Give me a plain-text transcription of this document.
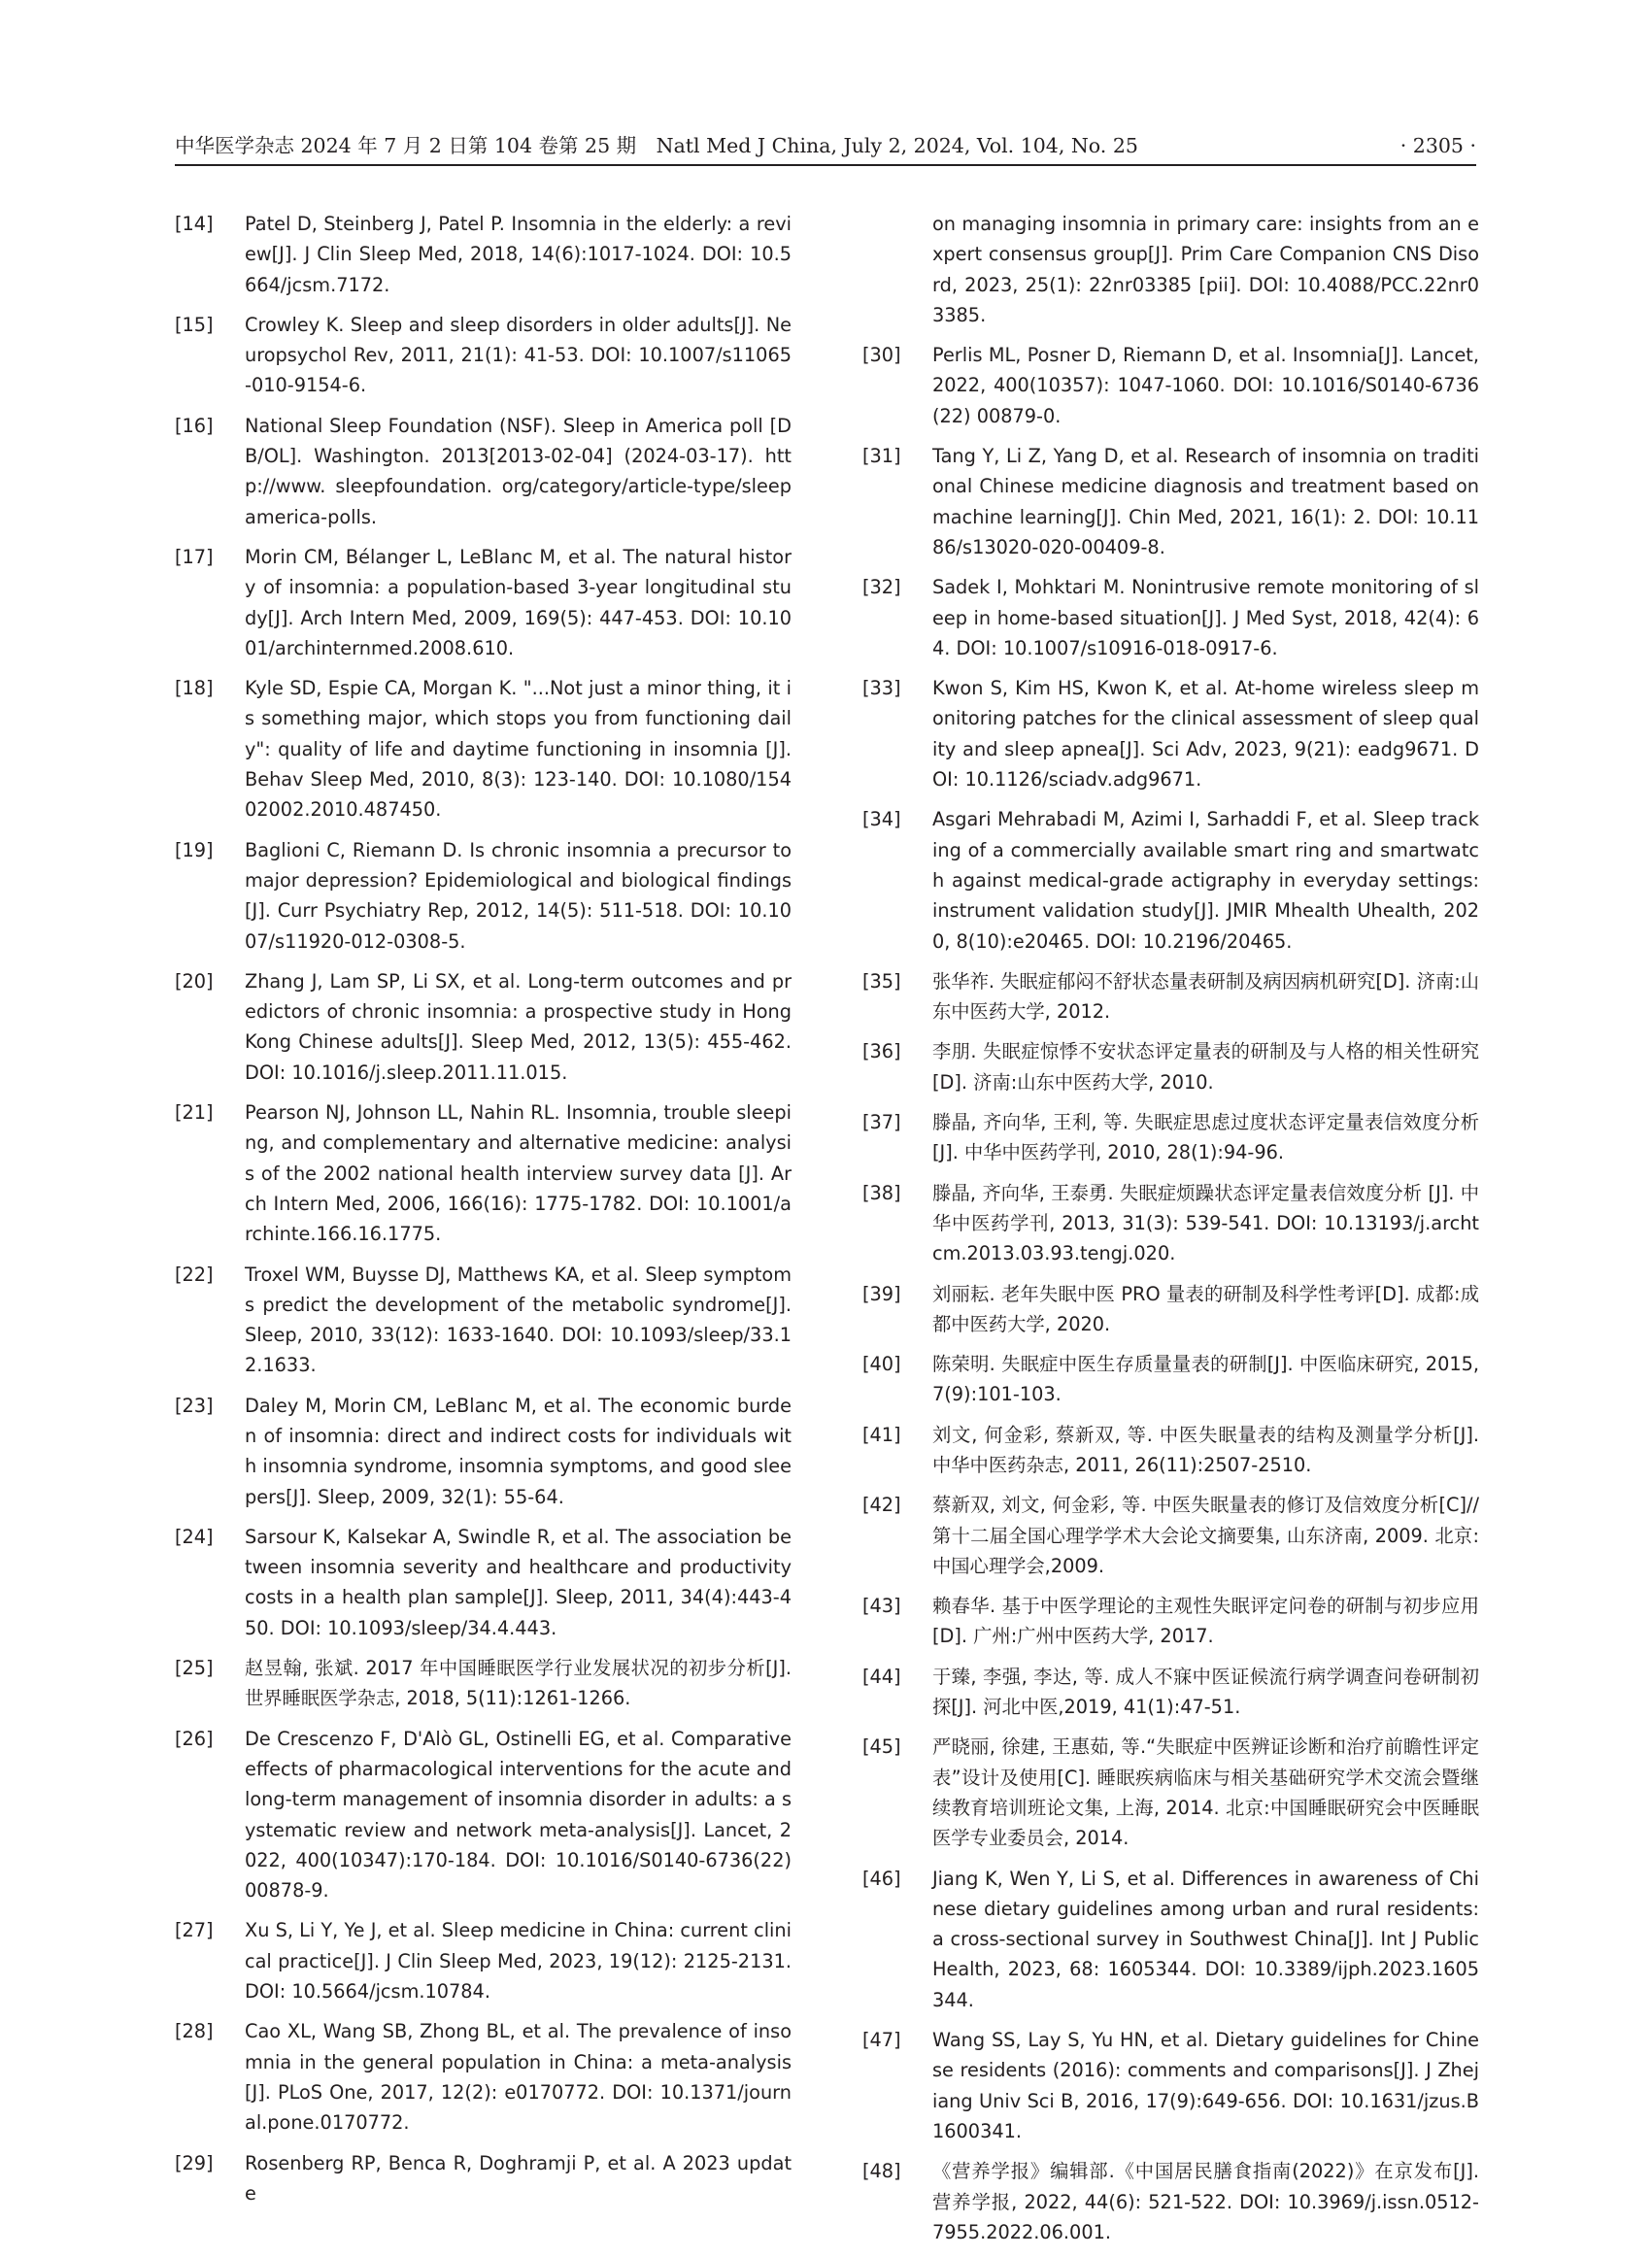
中华医学杂志 2024 年 7 月 2 日第 104 卷第 25 期　Natl Med J China, July 2, 2024, Vol. 104, No. 25	· 2305 ·
[14]	Patel D, Steinberg J, Patel P. Insomnia in the elderly: a review[J]. J Clin Sleep Med, 2018, 14(6):1017-1024. DOI: 10.5664/jcsm.7172.
[15]	Crowley K. Sleep and sleep disorders in older adults[J]. Neuropsychol Rev, 2011, 21(1): 41-53. DOI: 10.1007/s11065-010-9154-6.
[16]	National Sleep Foundation (NSF). Sleep in America poll [DB/OL]. Washington. 2013[2013-02-04] (2024-03-17). http://www. sleepfoundation. org/category/article-type/sleepamerica-polls.
[17]	Morin CM, Bélanger L, LeBlanc M, et al. The natural history of insomnia: a population-based 3-year longitudinal study[J]. Arch Intern Med, 2009, 169(5): 447-453. DOI: 10.1001/archinternmed.2008.610.
[18]	Kyle SD, Espie CA, Morgan K. "...Not just a minor thing, it is something major, which stops you from functioning daily": quality of life and daytime functioning in insomnia [J]. Behav Sleep Med, 2010, 8(3): 123-140. DOI: 10.1080/15402002.2010.487450.
[19]	Baglioni C, Riemann D. Is chronic insomnia a precursor to major depression? Epidemiological and biological findings[J]. Curr Psychiatry Rep, 2012, 14(5): 511-518. DOI: 10.1007/s11920-012-0308-5.
[20]	Zhang J, Lam SP, Li SX, et al. Long-term outcomes and predictors of chronic insomnia: a prospective study in Hong Kong Chinese adults[J]. Sleep Med, 2012, 13(5): 455-462. DOI: 10.1016/j.sleep.2011.11.015.
[21]	Pearson NJ, Johnson LL, Nahin RL. Insomnia, trouble sleeping, and complementary and alternative medicine: analysis of the 2002 national health interview survey data [J]. Arch Intern Med, 2006, 166(16): 1775-1782. DOI: 10.1001/archinte.166.16.1775.
[22]	Troxel WM, Buysse DJ, Matthews KA, et al. Sleep symptoms predict the development of the metabolic syndrome[J]. Sleep, 2010, 33(12): 1633-1640. DOI: 10.1093/sleep/33.12.1633.
[23]	Daley M, Morin CM, LeBlanc M, et al. The economic burden of insomnia: direct and indirect costs for individuals with insomnia syndrome, insomnia symptoms, and good sleepers[J]. Sleep, 2009, 32(1): 55-64.
[24]	Sarsour K, Kalsekar A, Swindle R, et al. The association between insomnia severity and healthcare and productivity costs in a health plan sample[J]. Sleep, 2011, 34(4):443-450. DOI: 10.1093/sleep/34.4.443.
[25]	赵昱翰, 张斌. 2017 年中国睡眠医学行业发展状况的初步分析[J]. 世界睡眠医学杂志, 2018, 5(11):1261-1266.
[26]	De Crescenzo F, D'Alò GL, Ostinelli EG, et al. Comparative effects of pharmacological interventions for the acute and long-term management of insomnia disorder in adults: a systematic review and network meta-analysis[J]. Lancet, 2022, 400(10347):170-184. DOI: 10.1016/S0140-6736(22) 00878-9.
[27]	Xu S, Li Y, Ye J, et al. Sleep medicine in China: current clinical practice[J]. J Clin Sleep Med, 2023, 19(12): 2125-2131. DOI: 10.5664/jcsm.10784.
[28]	Cao XL, Wang SB, Zhong BL, et al. The prevalence of insomnia in the general population in China: a meta-analysis[J]. PLoS One, 2017, 12(2): e0170772. DOI: 10.1371/journal.pone.0170772.
[29]	Rosenberg RP, Benca R, Doghramji P, et al. A 2023 update
on managing insomnia in primary care: insights from an expert consensus group[J]. Prim Care Companion CNS Disord, 2023, 25(1): 22nr03385 [pii]. DOI: 10.4088/PCC.22nr03385.
[30]	Perlis ML, Posner D, Riemann D, et al. Insomnia[J]. Lancet, 2022, 400(10357): 1047-1060. DOI: 10.1016/S0140-6736(22) 00879-0.
[31]	Tang Y, Li Z, Yang D, et al. Research of insomnia on traditional Chinese medicine diagnosis and treatment based on machine learning[J]. Chin Med, 2021, 16(1): 2. DOI: 10.1186/s13020-020-00409-8.
[32]	Sadek I, Mohktari M. Nonintrusive remote monitoring of sleep in home-based situation[J]. J Med Syst, 2018, 42(4): 64. DOI: 10.1007/s10916-018-0917-6.
[33]	Kwon S, Kim HS, Kwon K, et al. At-home wireless sleep monitoring patches for the clinical assessment of sleep quality and sleep apnea[J]. Sci Adv, 2023, 9(21): eadg9671. DOI: 10.1126/sciadv.adg9671.
[34]	Asgari Mehrabadi M, Azimi I, Sarhaddi F, et al. Sleep tracking of a commercially available smart ring and smartwatch against medical-grade actigraphy in everyday settings: instrument validation study[J]. JMIR Mhealth Uhealth, 2020, 8(10):e20465. DOI: 10.2196/20465.
[35]	张华祚. 失眠症郁闷不舒状态量表研制及病因病机研究[D]. 济南:山东中医药大学, 2012.
[36]	李朋. 失眠症惊悸不安状态评定量表的研制及与人格的相关性研究[D]. 济南:山东中医药大学, 2010.
[37]	滕晶, 齐向华, 王利, 等. 失眠症思虑过度状态评定量表信效度分析[J]. 中华中医药学刊, 2010, 28(1):94-96.
[38]	滕晶, 齐向华, 王泰勇. 失眠症烦躁状态评定量表信效度分析 [J]. 中华中医药学刊, 2013, 31(3): 539-541. DOI: 10.13193/j.archtcm.2013.03.93.tengj.020.
[39]	刘丽耘. 老年失眠中医 PRO 量表的研制及科学性考评[D]. 成都:成都中医药大学, 2020.
[40]	陈荣明. 失眠症中医生存质量量表的研制[J]. 中医临床研究, 2015, 7(9):101-103.
[41]	刘文, 何金彩, 蔡新双, 等. 中医失眠量表的结构及测量学分析[J]. 中华中医药杂志, 2011, 26(11):2507-2510.
[42]	蔡新双, 刘文, 何金彩, 等. 中医失眠量表的修订及信效度分析[C]//第十二届全国心理学学术大会论文摘要集, 山东济南, 2009. 北京:中国心理学会,2009.
[43]	赖春华. 基于中医学理论的主观性失眠评定问卷的研制与初步应用[D]. 广州:广州中医药大学, 2017.
[44]	于臻, 李强, 李达, 等. 成人不寐中医证候流行病学调查问卷研制初探[J]. 河北中医,2019, 41(1):47-51.
[45]	严晓丽, 徐建, 王惠茹, 等.“失眠症中医辨证诊断和治疗前瞻性评定表”设计及使用[C]. 睡眠疾病临床与相关基础研究学术交流会暨继续教育培训班论文集, 上海, 2014. 北京:中国睡眠研究会中医睡眠医学专业委员会, 2014.
[46]	Jiang K, Wen Y, Li S, et al. Differences in awareness of Chinese dietary guidelines among urban and rural residents: a cross-sectional survey in Southwest China[J]. Int J Public Health, 2023, 68: 1605344. DOI: 10.3389/ijph.2023.1605344.
[47]	Wang SS, Lay S, Yu HN, et al. Dietary guidelines for Chinese residents (2016): comments and comparisons[J]. J Zhejiang Univ Sci B, 2016, 17(9):649-656. DOI: 10.1631/jzus.B1600341.
[48]	《营养学报》编辑部.《中国居民膳食指南(2022)》在京发布[J]. 营养学报, 2022, 44(6): 521-522. DOI: 10.3969/j.issn.0512-7955.2022.06.001.
